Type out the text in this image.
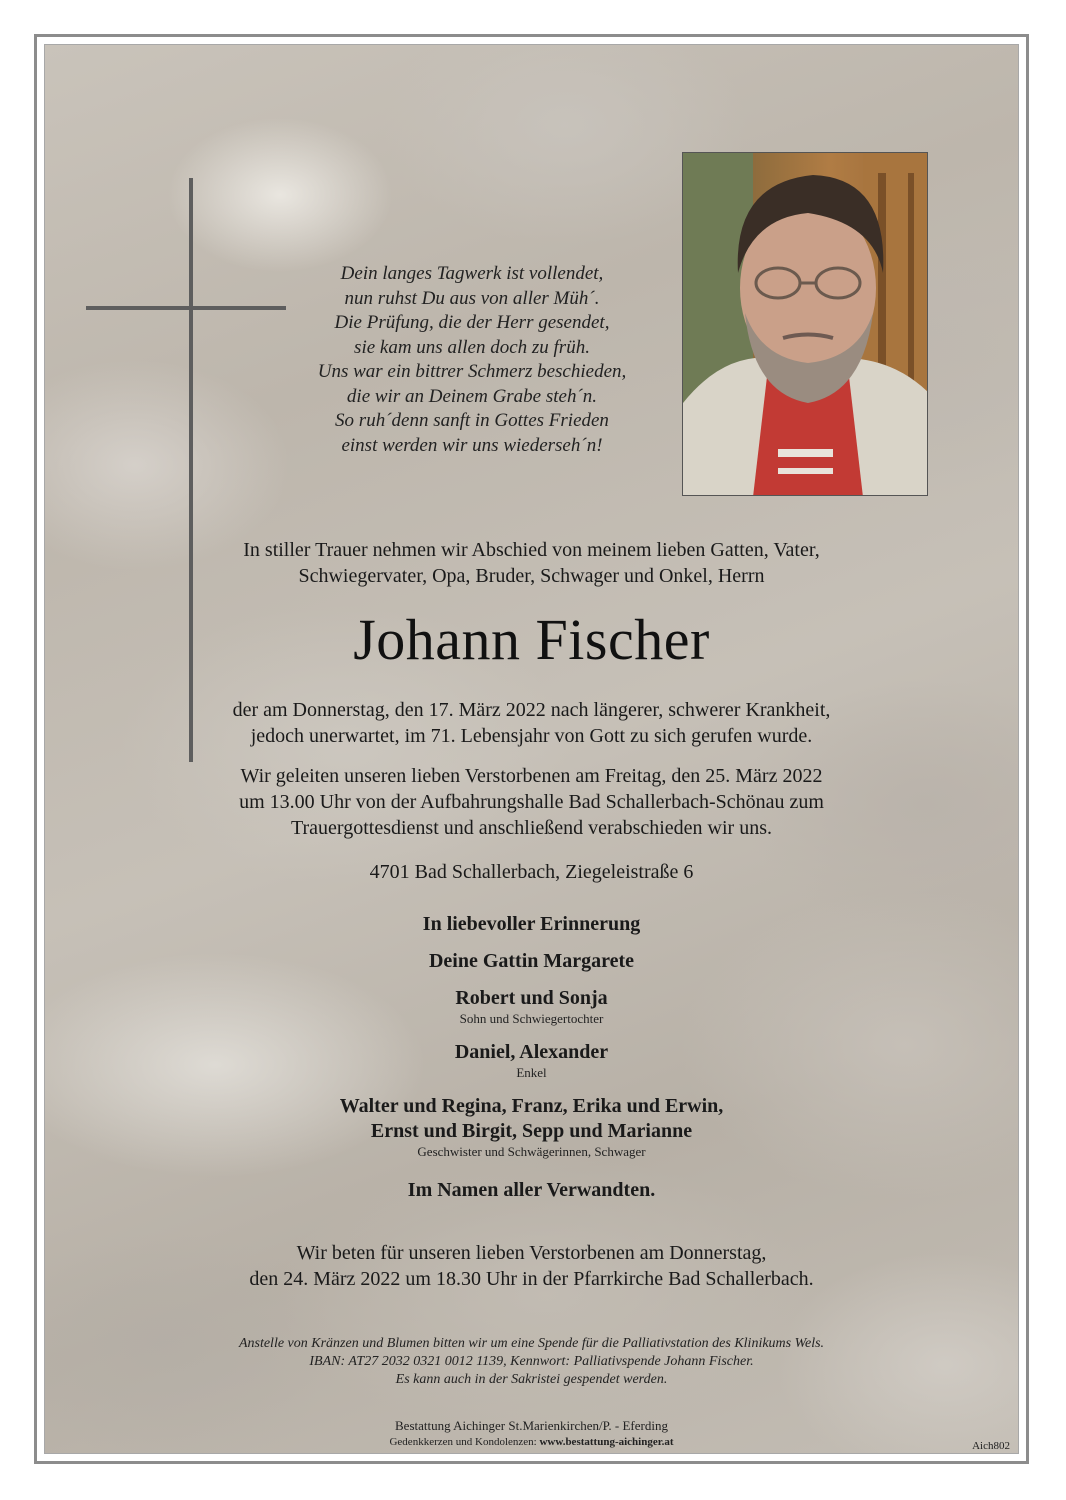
Dein langes Tagwerk ist vollendet,
nun ruhst Du aus von aller Müh´.
Die Prüfung, die der Herr gesendet,
sie kam uns allen doch zu früh.
Uns war ein bittrer Schmerz beschieden,
die wir an Deinem Grabe steh´n.
So ruh´denn sanft in Gottes Frieden
einst werden wir uns wiederseh´n!
In stiller Trauer nehmen wir Abschied von meinem lieben Gatten, Vater,
Schwiegervater, Opa, Bruder, Schwager und Onkel, Herrn
Johann Fischer
der am Donnerstag, den 17. März 2022 nach längerer, schwerer Krankheit,
jedoch unerwartet, im 71. Lebensjahr von Gott zu sich gerufen wurde.
Wir geleiten unseren lieben Verstorbenen am Freitag, den 25. März 2022
um 13.00 Uhr von der Aufbahrungshalle Bad Schallerbach-Schönau zum
Trauergottesdienst und anschließend verabschieden wir uns.
4701 Bad Schallerbach, Ziegeleistraße 6
In liebevoller Erinnerung
Deine Gattin Margarete
Robert und Sonja
Sohn und Schwiegertochter
Daniel, Alexander
Enkel
Walter und Regina, Franz, Erika und Erwin,
Ernst und Birgit, Sepp und Marianne
Geschwister und Schwägerinnen, Schwager
Im Namen aller Verwandten.
Wir beten für unseren lieben Verstorbenen am Donnerstag,
den 24. März 2022 um 18.30 Uhr in der Pfarrkirche Bad Schallerbach.
Anstelle von Kränzen und Blumen bitten wir um eine Spende für die Palliativstation des Klinikums Wels.
IBAN: AT27 2032 0321 0012 1139, Kennwort: Palliativspende Johann Fischer.
Es kann auch in der Sakristei gespendet werden.
Bestattung Aichinger St.Marienkirchen/P. - Eferding
Gedenkkerzen und Kondolenzen: www.bestattung-aichinger.at	Aich802
